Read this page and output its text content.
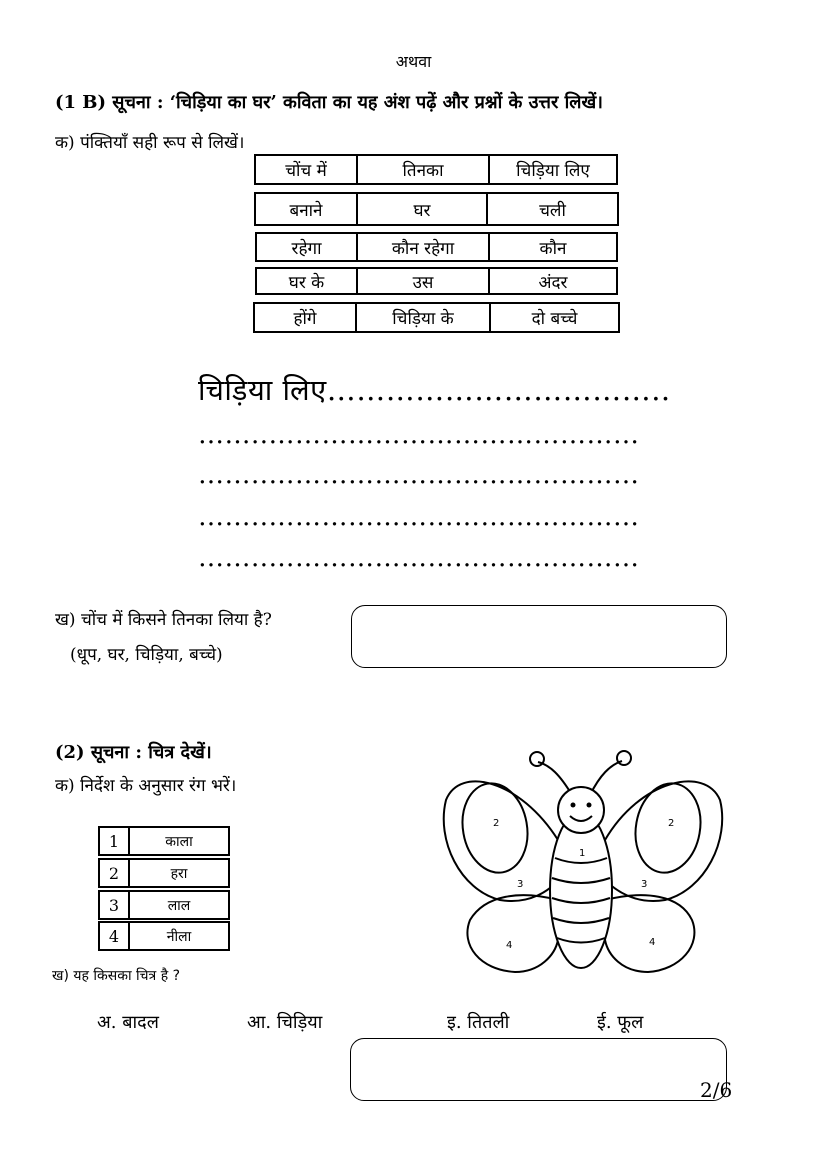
अथवा
(1 B) सूचना : ‘चिड़िया का घर’ कविता का यह अंश पढ़ें और प्रश्नों के उत्तर लिखें।
क) पंक्तियाँ सही रूप से लिखें।
चोंच में	तिनका	चिड़िया लिए
बनाने	घर	चली
रहेगा	कौन रहेगा	कौन
घर के	उस	अंदर
होंगे	चिड़िया के	दो बच्चे
चिड़िया लिए……………………………..
……..……………………………………
……..……………………………………
……..……………………………………
……..……………………………………
ख) चोंच में किसने तिनका लिया है?
(धूप, घर, चिड़िया, बच्चे)
(2) सूचना : चित्र देखें।
क) निर्देश के अनुसार रंग भरें।
1	काला
2	हरा
3	लाल
4	नीला
2	2
1
3	3
4	4
ख) यह किसका चित्र है ?
अ. बादल	आ. चिड़िया	इ. तितली	ई. फूल
2/6
